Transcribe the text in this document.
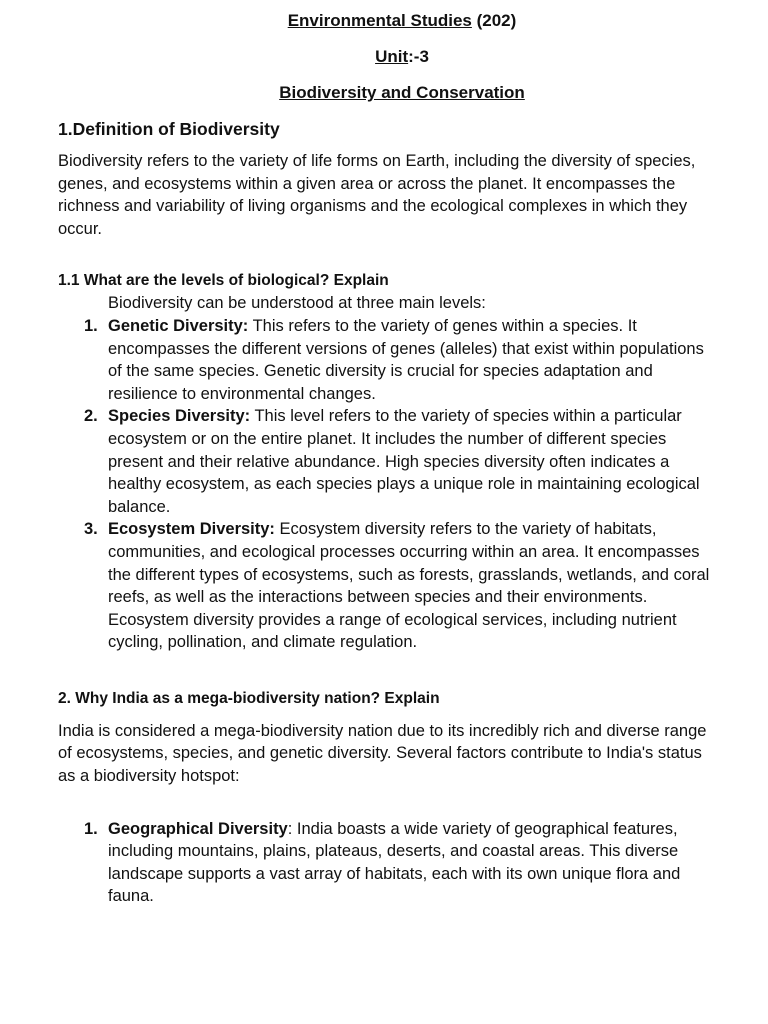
Environmental Studies (202)

Unit:-3

Biodiversity and Conservation

1.Definition of Biodiversity

Biodiversity refers to the variety of life forms on Earth, including the diversity of species, genes, and ecosystems within a given area or across the planet. It encompasses the richness and variability of living organisms and the ecological complexes in which they occur.

1.1 What are the levels of biological? Explain

Biodiversity can be understood at three main levels:

1. Genetic Diversity: This refers to the variety of genes within a species. It encompasses the different versions of genes (alleles) that exist within populations of the same species. Genetic diversity is crucial for species adaptation and resilience to environmental changes.
2. Species Diversity: This level refers to the variety of species within a particular ecosystem or on the entire planet. It includes the number of different species present and their relative abundance. High species diversity often indicates a healthy ecosystem, as each species plays a unique role in maintaining ecological balance.
3. Ecosystem Diversity: Ecosystem diversity refers to the variety of habitats, communities, and ecological processes occurring within an area. It encompasses the different types of ecosystems, such as forests, grasslands, wetlands, and coral reefs, as well as the interactions between species and their environments. Ecosystem diversity provides a range of ecological services, including nutrient cycling, pollination, and climate regulation.

2. Why India as a mega-biodiversity nation? Explain

India is considered a mega-biodiversity nation due to its incredibly rich and diverse range of ecosystems, species, and genetic diversity. Several factors contribute to India's status as a biodiversity hotspot:

1. Geographical Diversity: India boasts a wide variety of geographical features, including mountains, plains, plateaus, deserts, and coastal areas. This diverse landscape supports a vast array of habitats, each with its own unique flora and fauna.
